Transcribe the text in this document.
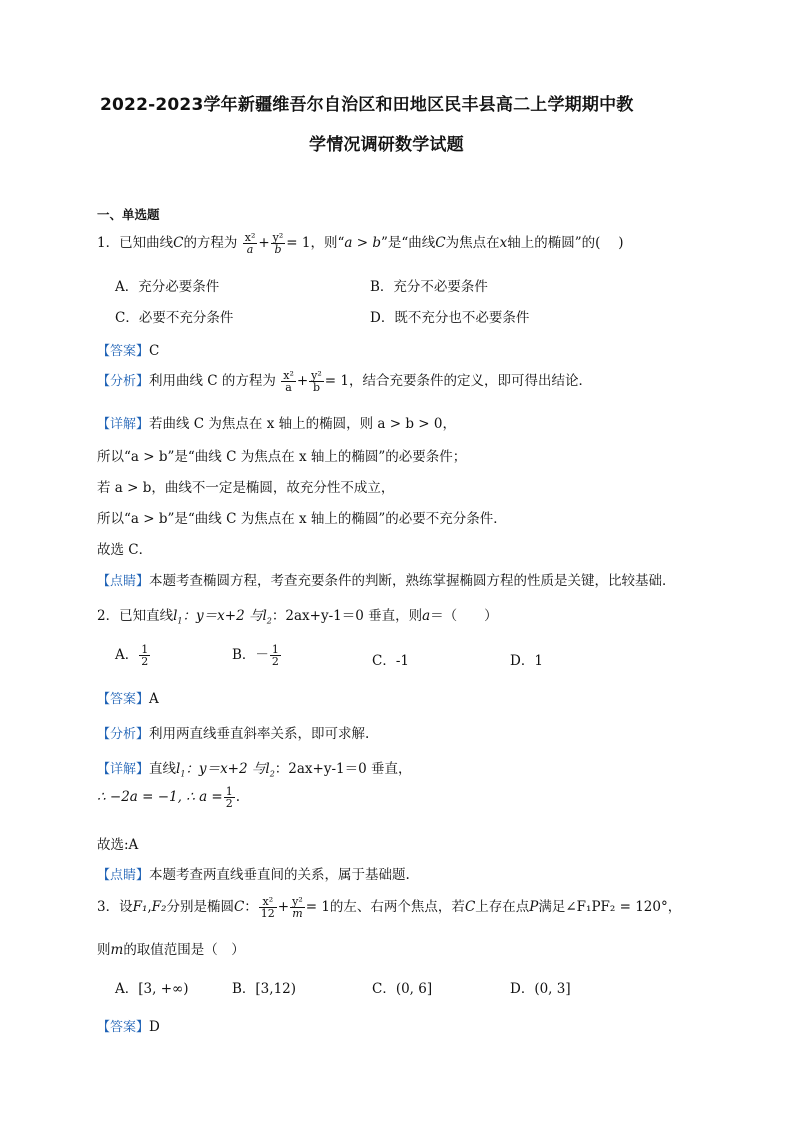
2022-2023学年新疆维吾尔自治区和田地区民丰县高二上学期期中教
学情况调研数学试题
一、单选题
1．已知曲线C的方程为 $\frac{\text{x²}}{a} + \frac{\text{y²}}{b} = 1$，则“a > b”是“曲线C为焦点在x轴上的椭圆”的(　 )
A．充分必要条件	B．充分不必要条件
C．必要不充分条件	D．既不充分也不必要条件
【答案】C
【分析】利用曲线 C 的方程为 $\frac{\text{x²}}{a} + \frac{\text{y²}}{b} = 1$，结合充要条件的定义，即可得出结论．
【详解】若曲线 C 为焦点在 x 轴上的椭圆，则 a > b > 0，
所以“a > b”是“曲线 C 为焦点在 x 轴上的椭圆”的必要条件；
若 a > b，曲线不一定是椭圆，故充分性不成立，
所以“a > b”是“曲线 C 为焦点在 x 轴上的椭圆”的必要不充分条件．
故选 C．
【点睛】本题考查椭圆方程，考查充要条件的判断，熟练掌握椭圆方程的性质是关键，比较基础．
2．已知直线$l_1$：y＝x+2 与$l_2$：2ax+y-1＝0 垂直，则a＝（　　）
A． $\frac{1}{2}$	B．－ $\frac{1}{2}$	C．-1	D．1
【答案】A
【分析】利用两直线垂直斜率关系，即可求解.
【详解】直线$l_1$：y＝x+2 与$l_2$：2ax+y-1＝0 垂直，
∴ −2a = −1, ∴ $a = \frac{1}{2}$ .
故选:A
【点睛】本题考查两直线垂直间的关系，属于基础题.
3．设F₁,F₂分别是椭圆C： $\frac{\text{x²}}{12} + \frac{\text{y²}}{m} = 1$的左、右两个焦点，若C上存在点P满足∠F₁PF₂ = 120°，
则m的取值范围是（　）
A．[3, +∞)	B．[3,12)	C．(0, 6]	D．(0, 3]
【答案】D
